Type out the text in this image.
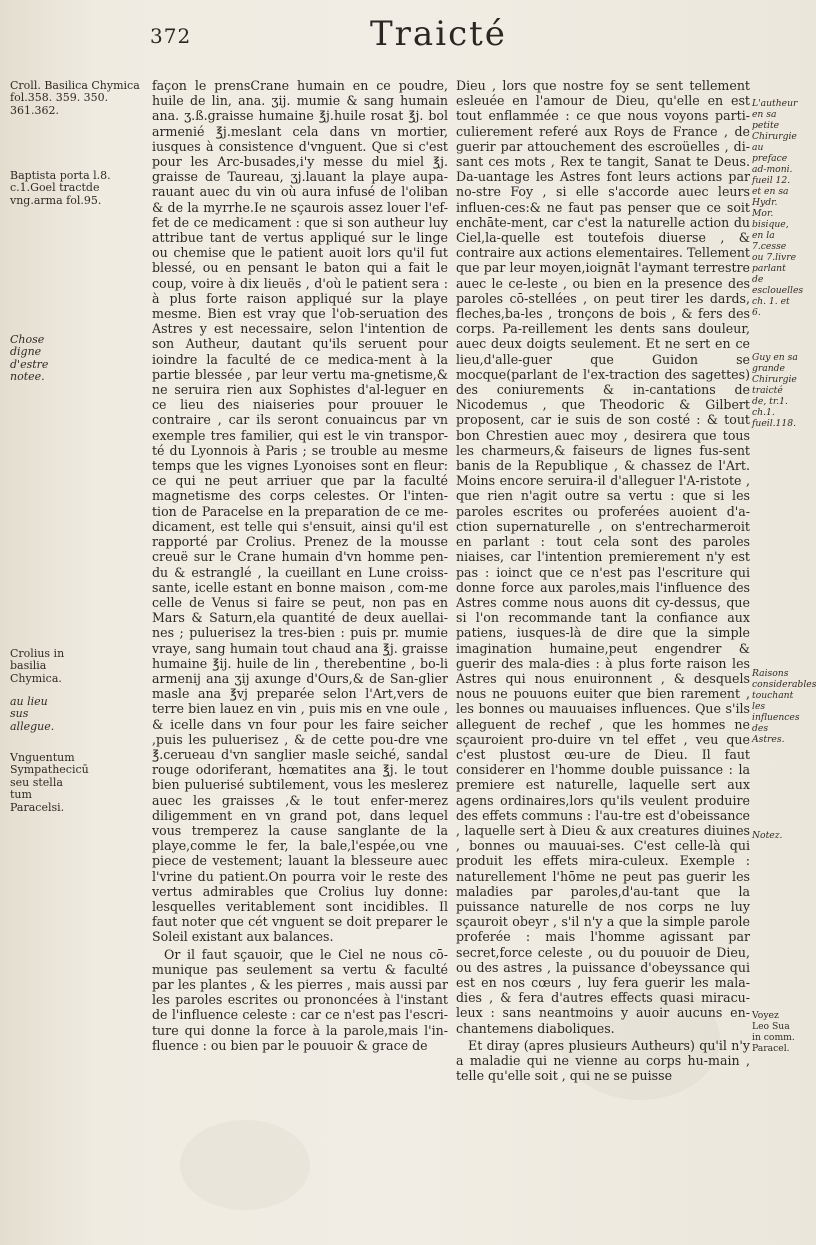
372	Traicté
Croll. Basilica Chymica fol.358. 359. 350. 361.362.
Baptista porta l.8. c.1.Goel tractde vng.arma fol.95.
Chose digne d'estre notee.
Crolius in basilia Chymica.
au lieu sus allegue.
Vnguentum Sympathecicū seu stella tum Paracelsi.

façon le prensCrane humain en ce poudre, huile de lin, ana. ʒij. mumie & sang humain ana. ʒ.ß.graisse humaine ℥j.huile rosat ℥j. bol armenié ℥j.meslant cela dans vn mortier, iusques à consistence d'vnguent. Que si c'est pour les Arc-busades,i'y messe du miel ℥j. graisse de Taureau, ʒj.lauant la playe aupa-rauant auec du vin où aura infusé de l'oliban & de la myrrhe.Ie ne sçaurois assez louer l'ef-fet de ce medicament : que si son autheur luy attribue tant de vertus appliqué sur le linge ou chemise que le patient auoit lors qu'il fut blessé, ou en pensant le baton qui a fait le coup, voire à dix lieuës , d'où le patient sera : à plus forte raison appliqué sur la playe mesme. Bien est vray que l'ob-seruation des Astres y est necessaire, selon l'intention de son Autheur, dautant qu'ils seruent pour ioindre la faculté de ce medica-ment à la partie blessée , par leur vertu ma-gnetisme,& ne seruira rien aux Sophistes d'al-leguer en ce lieu des niaiseries pour prouuer le contraire , car ils seront conuaincus par vn exemple tres familier, qui est le vin transpor-té du Lyonnois à Paris ; se trouble au mesme temps que les vignes Lyonoises sont en fleur: ce qui ne peut arriuer que par la faculté magnetisme des corps celestes. Or l'inten-tion de Paracelse en la preparation de ce me-dicament, est telle qui s'ensuit, ainsi qu'il est rapporté par Crolius. Prenez de la mousse creuë sur le Crane humain d'vn homme pen-du & estranglé , la cueillant en Lune croiss-sante, icelle estant en bonne maison , com-me celle de Venus si faire se peut, non pas en Mars & Saturn,ela quantité de deux auellai-nes ; puluerisez la tres-bien : puis pr. mumie vraye, sang humain tout chaud ana ℥j. graisse humaine ℥ij. huile de lin , therebentine , bo-li armenij ana ʒij axunge d'Ours,& de San-glier masle ana ℥vj preparée selon l'Art,vers de terre bien lauez en vin , puis mis en vne oule , & icelle dans vn four pour les faire seicher ,puis les puluerisez , & de cette pou-dre vne ℥.cerueau d'vn sanglier masle seiché, sandal rouge odoriferant, hœmatites ana ℥j. le tout bien puluerisé subtilement, vous les meslerez auec les graisses ,& le tout enfer-merez diligemment en vn grand pot, dans lequel vous tremperez la cause sanglante de la playe,comme le fer, la bale,l'espée,ou vne piece de vestement; lauant la blesseure auec l'vrine du patient.On pourra voir le reste des vertus admirables que Crolius luy donne: lesquelles veritablement sont incidibles. Il faut noter que cét vnguent se doit preparer le Soleil existant aux balances.

Or il faut sçauoir, que le Ciel ne nous cō-munique pas seulement sa vertu & faculté par les plantes , & les pierres , mais aussi par les paroles escrites ou prononcées à l'instant de l'influence celeste : car ce n'est pas l'escri-ture qui donne la force à la parole,mais l'in-fluence : ou bien par le pouuoir & grace de

Dieu , lors que nostre foy se sent tellement esleuée en l'amour de Dieu, qu'elle en est tout enflammée : ce que nous voyons parti-culierement referé aux Roys de France , de guerir par attouchement des escroüelles , di-sant ces mots , Rex te tangit, Sanat te Deus. Da-uantage les Astres font leurs actions par no-stre Foy , si elle s'accorde auec leurs influen-ces:& ne faut pas penser que ce soit enchāte-ment, car c'est la naturelle action du Ciel,la-quelle est toutefois diuerse , & contraire aux actions elementaires. Tellement que par leur moyen,ioignāt l'aymant terrestre auec le ce-leste , ou bien en la presence des paroles cō-stellées , on peut tirer les dards, fleches,ba-les , tronçons de bois , & fers des corps. Pa-reillement les dents sans douleur, auec deux doigts seulement. Et ne sert en ce lieu,d'alle-guer que Guidon se mocque(parlant de l'ex-traction des sagettes) des coniurements & in-cantations de Nicodemus , que Theodoric & Gilbert proposent, car ie suis de son costé : & tout bon Chrestien auec moy , desirera que tous les charmeurs,& faiseurs de lignes fus-sent banis de la Republique , & chassez de l'Art. Moins encore seruira-il d'alleguer l'A-ristote , que rien n'agit outre sa vertu : que si les paroles escrites ou proferées auoient d'a-ction supernaturelle , on s'entrecharmeroit en parlant : tout cela sont des paroles niaises, car l'intention premierement n'y est pas : ioinct que ce n'est pas l'escriture qui donne force aux paroles,mais l'influence des Astres comme nous auons dit cy-dessus, que si l'on recommande tant la confiance aux patiens, iusques-là de dire que la simple imagination humaine,peut engendrer & guerir des mala-dies : à plus forte raison les Astres qui nous enuironnent , & desquels nous ne pouuons euiter que bien rarement , les bonnes ou mauuaises influences. Que s'ils alleguent de rechef , que les hommes ne sçauroient pro-duire vn tel effet , veu que c'est plustost œu-ure de Dieu. Il faut considerer en l'homme double puissance : la premiere est naturelle, laquelle sert aux agens ordinaires,lors qu'ils veulent produire des effets communs : l'au-tre est d'obeissance , laquelle sert à Dieu & aux creatures diuines , bonnes ou mauuai-ses. C'est celle-là qui produit les effets mira-culeux. Exemple : naturellement l'hōme ne peut pas guerir les maladies par paroles,d'au-tant que la puissance naturelle de nos corps ne luy sçauroit obeyr , s'il n'y a que la simple parole proferée : mais l'homme agissant par secret,force celeste , ou du pouuoir de Dieu, ou des astres , la puissance d'obeyssance qui est en nos cœurs , luy fera guerir les mala-dies , & fera d'autres effects quasi miracu-leux : sans neantmoins y auoir aucuns en-chantemens diaboliques.

Et diray (apres plusieurs Autheurs) qu'il n'y a maladie qui ne vienne au corps hu-main , telle qu'elle soit , qui ne se puisse

L'autheur en sa petite Chirurgie au preface ad-moni. fueil 12. et en sa Hydr. Mor. bisique, en la 7.cesse ou 7.livre parlant de esclouelles ch. 1. et 6.
Guy en sa grande Chirurgie traicté de, tr.1. ch.1. fueil.118.
Raisons considerables touchant les influences des Astres.
Notez.
Voyez Leo Sua in comm. Paracel.
